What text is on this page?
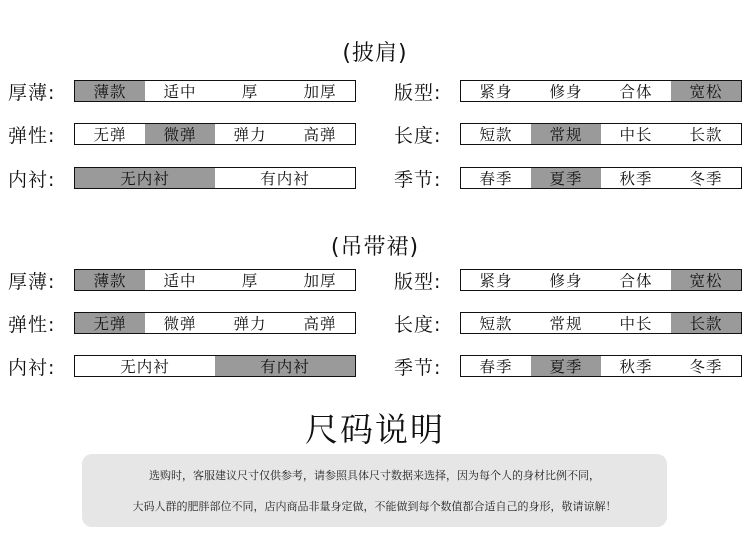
(披肩)
厚薄:	薄款	适中	厚	加厚	版型:	紧身	修身	合体	宽松
弹性:	无弹	微弹	弹力	高弹	长度:	短款	常规	中长	长款
内衬:	无内衬	有内衬	季节:	春季	夏季	秋季	冬季
(吊带裙)
厚薄:	薄款	适中	厚	加厚	版型:	紧身	修身	合体	宽松
弹性:	无弹	微弹	弹力	高弹	长度:	短款	常规	中长	长款
内衬:	无内衬	有内衬	季节:	春季	夏季	秋季	冬季
尺码说明
选购时，客服建议尺寸仅供参考，请参照具体尺寸数据来选择，因为每个人的身材比例不同，
大码人群的肥胖部位不同，店内商品非量身定做，不能做到每个数值都合适自己的身形，敬请谅解！
